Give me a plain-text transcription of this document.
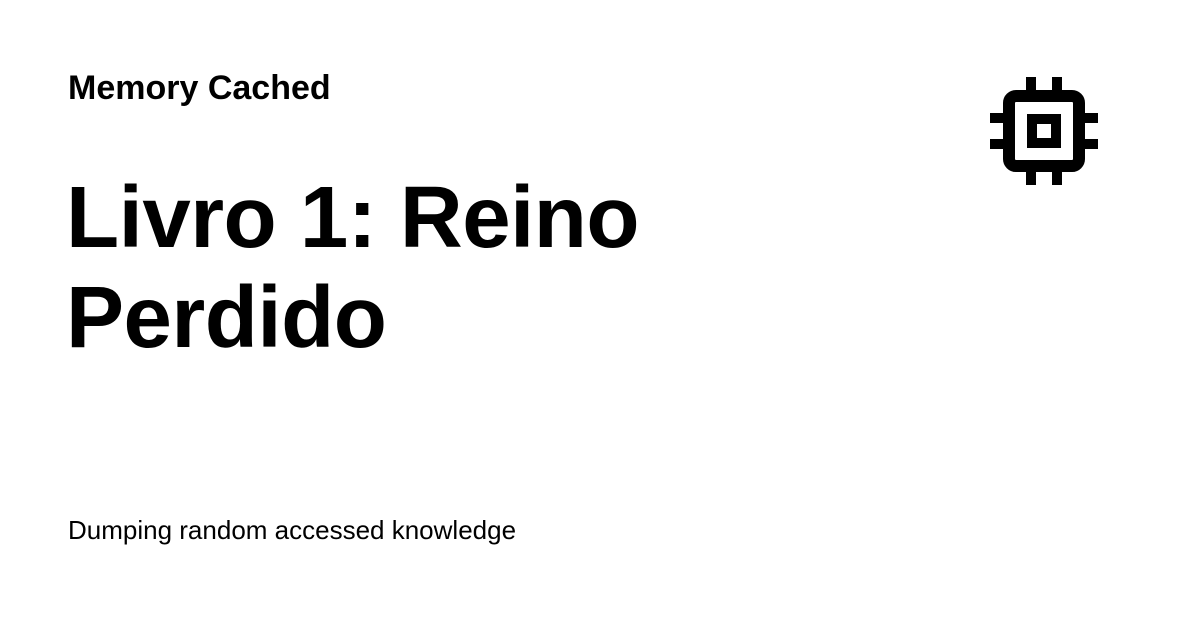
Memory Cached

Livro 1: Reino Perdido

Dumping random accessed knowledge
